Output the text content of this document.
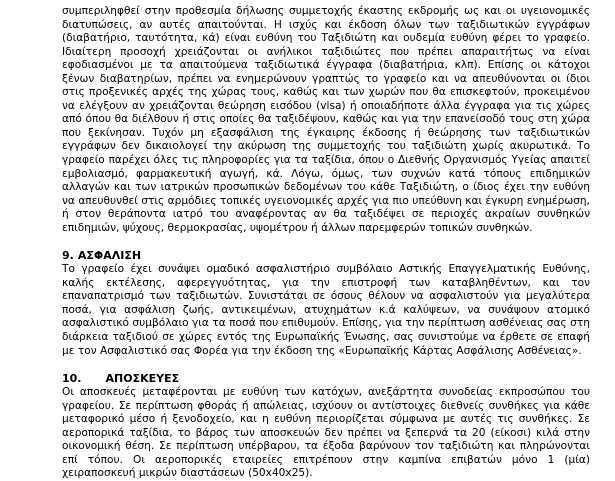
συμπεριληφθεί στην προθεσμία δήλωσης συμμετοχής έκαστης εκδρομής ως και οι υγειονομικές διατυπώσεις, αν αυτές απαιτούνται. Η ισχύς και έκδοση όλων των ταξιδιωτικών εγγράφων (διαβατήριο, ταυτότητα, κά) είναι ευθύνη του Ταξιδιώτη και ουδεμία ευθύνη φέρει το γραφείο. Ιδιαίτερη προσοχή χρειάζονται οι ανήλικοι ταξιδιώτες που πρέπει απαραιτήτως να είναι εφοδιασμένοι με τα απαιτούμενα ταξιδιωτικά έγγραφα (διαβατήρια, κλπ). Επίσης οι κάτοχοι ξένων διαβατηρίων, πρέπει να ενημερώνουν γραπτώς το γραφείο και να απευθύνονται οι ίδιοι στις προξενικές αρχές της χώρας τους, καθώς και των χωρών που θα επισκεφτούν, προκειμένου να ελέγξουν αν χρειάζονται θεώρηση εισόδου (visa) ή οποιαδήποτε άλλα έγγραφα για τις χώρες από όπου θα διέλθουν ή στις οποίες θα ταξιδέψουν, καθώς και για την επανείσοδό τους στη χώρα που ξεκίνησαν. Τυχόν μη εξασφάλιση της έγκαιρης έκδοσης ή θεώρησης των ταξιδιωτικών εγγράφων δεν δικαιολογεί την ακύρωση της συμμετοχής του ταξιδιώτη χωρίς ακυρωτικά. Το γραφείο παρέχει όλες τις πληροφορίες για τα ταξίδια, όπου ο Διεθνής Οργανισμός Υγείας απαιτεί εμβολιασμό, φαρμακευτική αγωγή, κά. Λόγω, όμως, των συχνών κατά τόπους επιδημικών αλλαγών και των ιατρικών προσωπικών δεδομένων του κάθε Ταξιδιώτη, ο ίδιος έχει την ευθύνη να απευθυνθεί στις αρμόδιες τοπικές υγειονομικές αρχές για πιο υπεύθυνη και έγκυρη ενημέρωση, ή στον θεράποντα ιατρό του αναφέροντας αν θα ταξιδέψει σε περιοχές ακραίων συνθηκών επιδημιών, ψύχους, θερμοκρασίας, υψομέτρου ή άλλων παρεμφερών τοπικών συνθηκών.

9. ΑΣΦΑΛΙΣΗ

Το γραφείο έχει συνάψει ομαδικό ασφαλιστήριο συμβόλαιο Αστικής Επαγγελματικής Ευθύνης, καλής εκτέλεσης, αφερεγγυότητας, για την επιστροφή των καταβληθέντων, και τον επαναπατρισμό των ταξιδιωτών. Συνιστάται σε όσους θέλουν να ασφαλιστούν για μεγαλύτερα ποσά, για ασφάλιση ζωής, αντικειμένων, ατυχημάτων κ.ά καλύψεων, να συνάψουν ατομικό ασφαλιστικό συμβόλαιο για τα ποσά που επιθυμούν. Επίσης, για την περίπτωση ασθένειας σας στη διάρκεια ταξιδιού σε χώρες εντός της Ευρωπαϊκής Ένωσης, σας συνιστούμε να έρθετε σε επαφή με τον Ασφαλιστικό σας Φορέα για την έκδοση της «Ευρωπαϊκής Κάρτας Ασφάλισης Ασθένειας».

10. ΑΠΟΣΚΕΥΕΣ

Οι αποσκευές μεταφέρονται με ευθύνη των κατόχων, ανεξάρτητα συνοδείας εκπροσώπου του γραφείου. Σε περίπτωση φθοράς ή απώλειας, ισχύουν οι αντίστοιχες διεθνείς συνθήκες για κάθε μεταφορικό μέσο ή ξενοδοχείο, και η ευθύνη περιορίζεται σύμφωνα με αυτές τις συνθήκες. Σε αεροπορικά ταξίδια, το βάρος των αποσκευών δεν πρέπει να ξεπερνά τα 20 (είκοσι) κιλά στην οικονομική θέση. Σε περίπτωση υπέρβαρου, τα έξοδα βαρύνουν τον ταξιδιώτη και πληρώνονται επί τόπου. Οι αεροπορικές εταιρείες επιτρέπουν στην καμπίνα επιβατών μόνο 1 (μία) χειραποσκευή μικρών διαστάσεων (50x40x25).
